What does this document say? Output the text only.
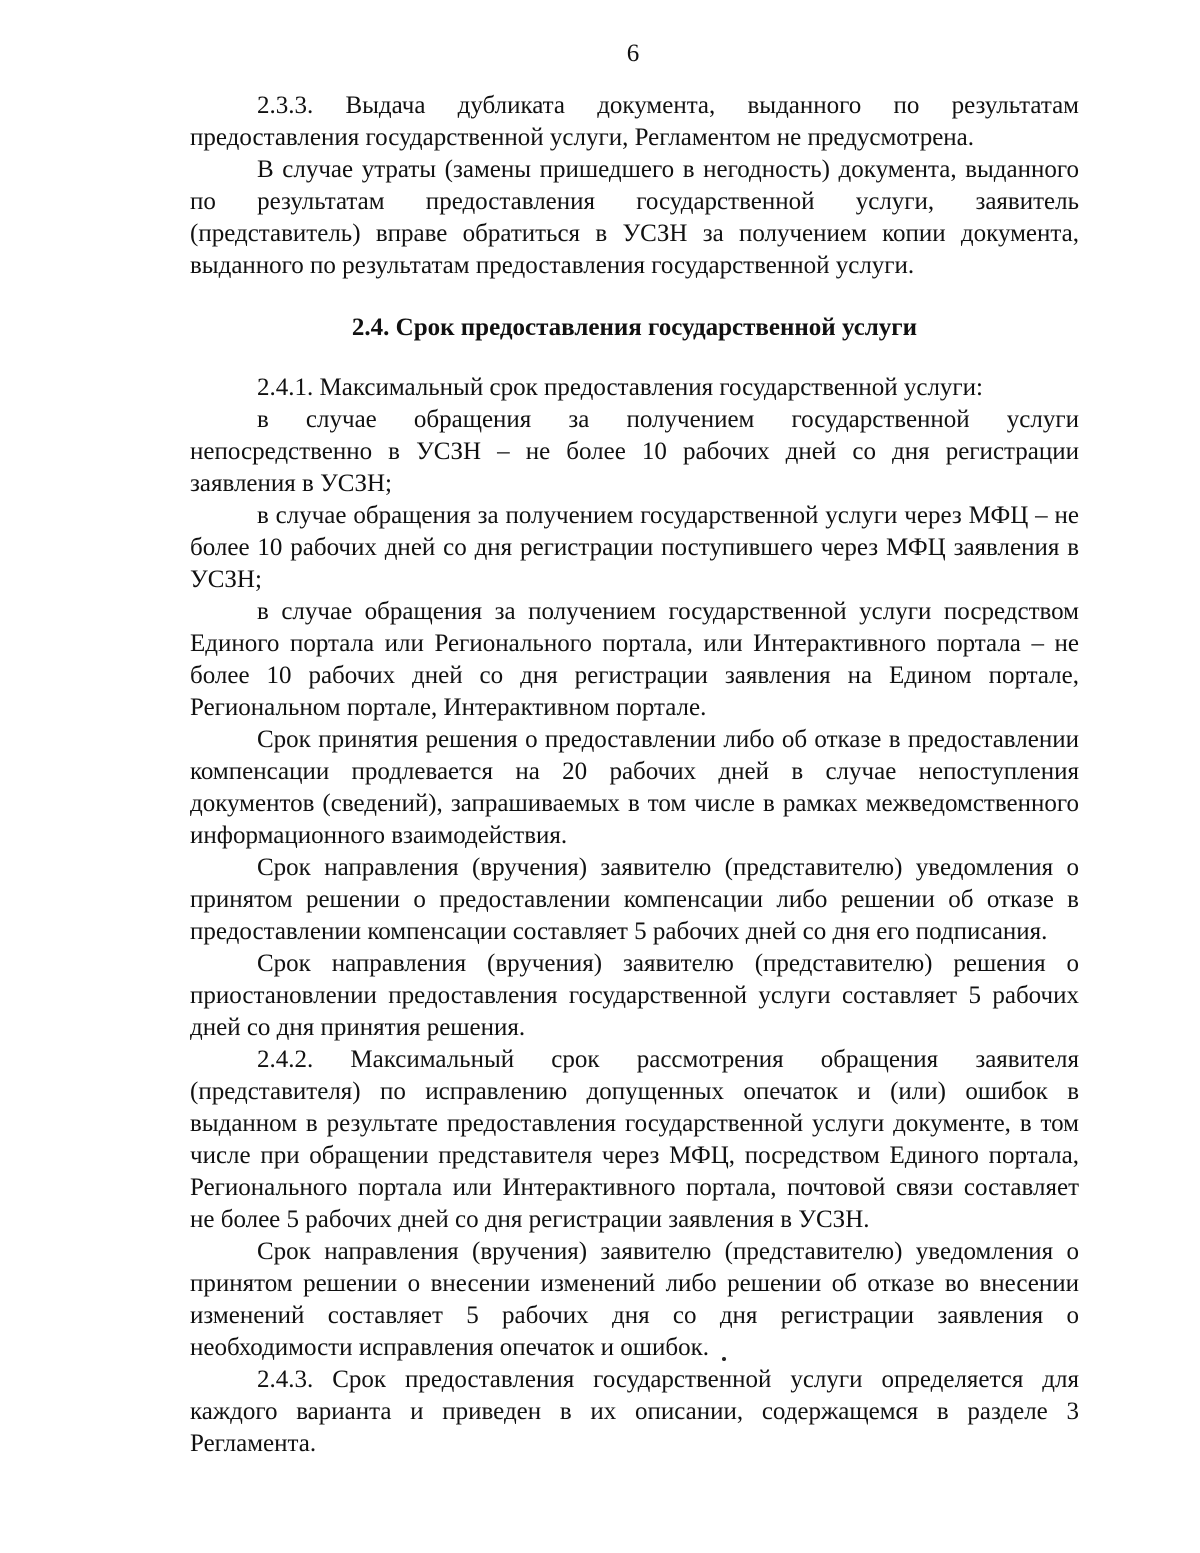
6

2.3.3. Выдача дубликата документа, выданного по результатам предоставления государственной услуги, Регламентом не предусмотрена.

В случае утраты (замены пришедшего в негодность) документа, выданного по результатам предоставления государственной услуги, заявитель (представитель) вправе обратиться в УСЗН за получением копии документа, выданного по результатам предоставления государственной услуги.

2.4. Срок предоставления государственной услуги

2.4.1. Максимальный срок предоставления государственной услуги:

в случае обращения за получением государственной услуги непосредственно в УСЗН – не более 10 рабочих дней со дня регистрации заявления в УСЗН;

в случае обращения за получением государственной услуги через МФЦ – не более 10 рабочих дней со дня регистрации поступившего через МФЦ заявления в УСЗН;

в случае обращения за получением государственной услуги посредством Единого портала или Регионального портала, или Интерактивного портала – не более 10 рабочих дней со дня регистрации заявления на Едином портале, Региональном портале, Интерактивном портале.

Срок принятия решения о предоставлении либо об отказе в предоставлении компенсации продлевается на 20 рабочих дней в случае непоступления документов (сведений), запрашиваемых в том числе в рамках межведомственного информационного взаимодействия.

Срок направления (вручения) заявителю (представителю) уведомления о принятом решении о предоставлении компенсации либо решении об отказе в предоставлении компенсации составляет 5 рабочих дней со дня его подписания.

Срок направления (вручения) заявителю (представителю) решения о приостановлении предоставления государственной услуги составляет 5 рабочих дней со дня принятия решения.

2.4.2. Максимальный срок рассмотрения обращения заявителя (представителя) по исправлению допущенных опечаток и (или) ошибок в выданном в результате предоставления государственной услуги документе, в том числе при обращении представителя через МФЦ, посредством Единого портала, Регионального портала или Интерактивного портала, почтовой связи составляет не более 5 рабочих дней со дня регистрации заявления в УСЗН.

Срок направления (вручения) заявителю (представителю) уведомления о принятом решении о внесении изменений либо решении об отказе во внесении изменений составляет 5 рабочих дня со дня регистрации заявления о необходимости исправления опечаток и ошибок.

2.4.3. Срок предоставления государственной услуги определяется для каждого варианта и приведен в их описании, содержащемся в разделе 3 Регламента.
